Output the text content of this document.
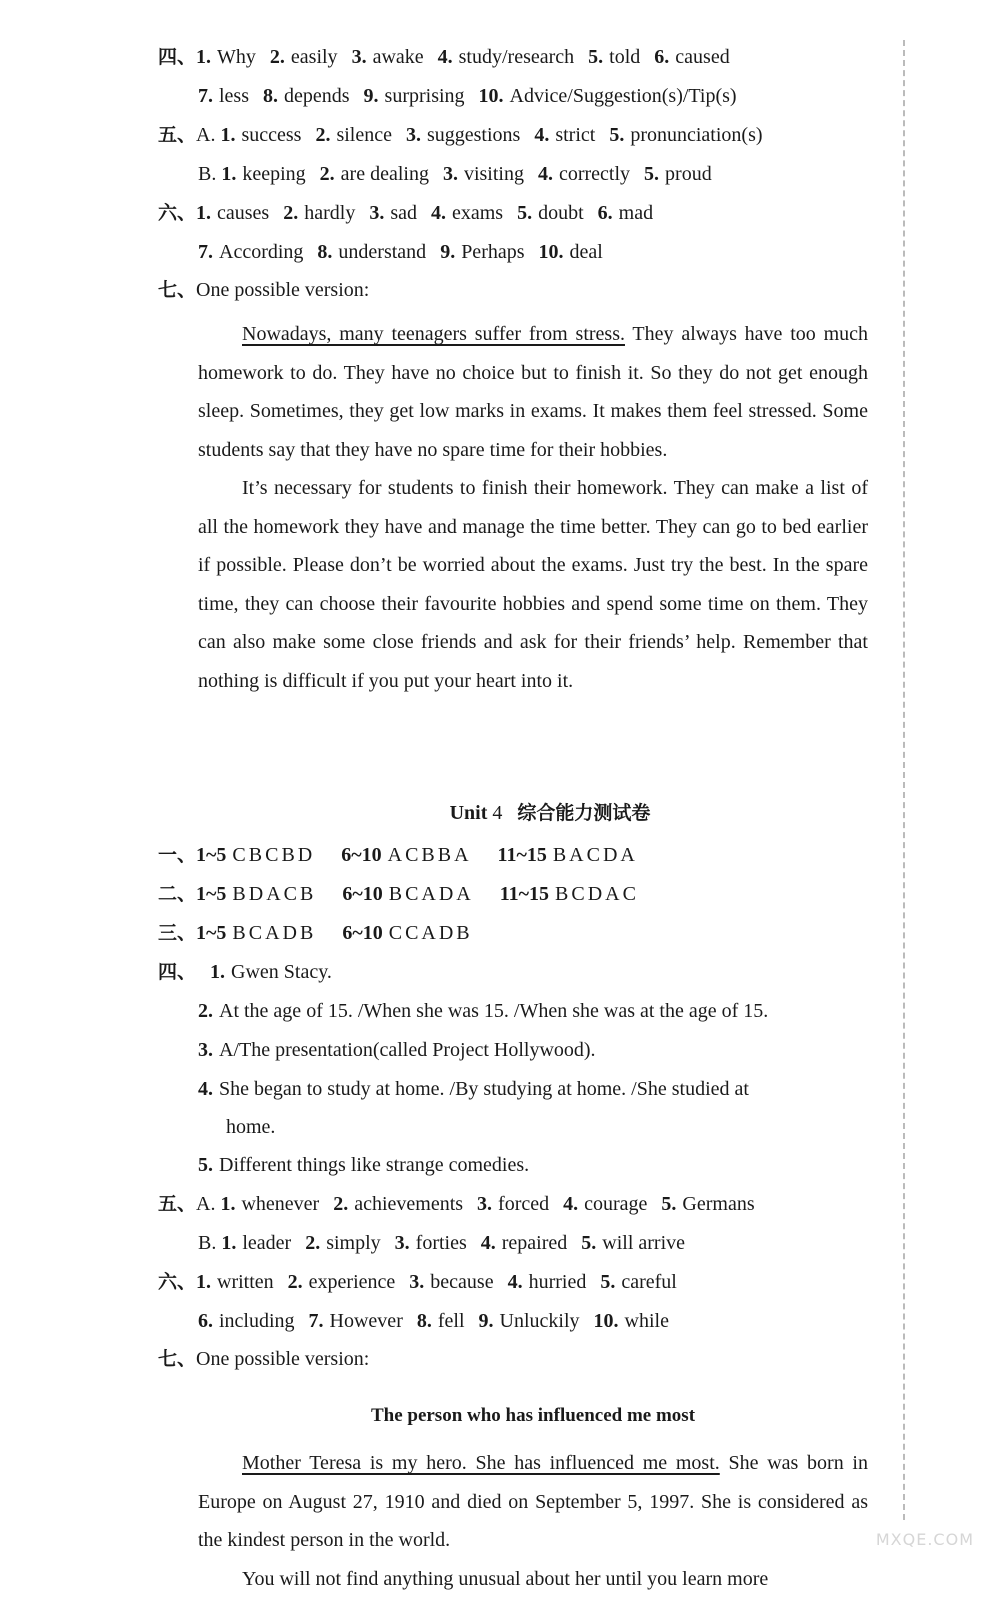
四、1. Why 2. easily 3. awake 4. study/research 5. told 6. caused
7. less 8. depends 9. surprising 10. Advice/Suggestion(s)/Tip(s)
五、A. 1. success 2. silence 3. suggestions 4. strict 5. pronunciation(s)
B. 1. keeping 2. are dealing 3. visiting 4. correctly 5. proud
六、1. causes 2. hardly 3. sad 4. exams 5. doubt 6. mad
7. According 8. understand 9. Perhaps 10. deal
七、One possible version:

Nowadays, many teenagers suffer from stress. They always have too much homework to do. They have no choice but to finish it. So they do not get enough sleep. Sometimes, they get low marks in exams. It makes them feel stressed. Some students say that they have no spare time for their hobbies.

It’s necessary for students to finish their homework. They can make a list of all the homework they have and manage the time better. They can go to bed earlier if possible. Please don’t be worried about the exams. Just try the best. In the spare time, they can choose their favourite hobbies and spend some time on them. They can also make some close friends and ask for their friends’ help. Remember that nothing is difficult if you put your heart into it.

Unit 4 综合能力测试卷
一、1~5 CBCBD 6~10 ACBBA 11~15 BACDA
二、1~5 BDACB 6~10 BCADA 11~15 BCDAC
三、1~5 BCADB 6~10 CCADB
四、 1. Gwen Stacy.
2. At the age of 15. /When she was 15. /When she was at the age of 15.
3. A/The presentation(called Project Hollywood).
4. She began to study at home. /By studying at home. /She studied at
home.
5. Different things like strange comedies.
五、A. 1. whenever 2. achievements 3. forced 4. courage 5. Germans
B. 1. leader 2. simply 3. forties 4. repaired 5. will arrive
六、1. written 2. experience 3. because 4. hurried 5. careful
6. including 7. However 8. fell 9. Unluckily 10. while
七、One possible version:
The person who has influenced me most

Mother Teresa is my hero. She has influenced me most. She was born in Europe on August 27, 1910 and died on September 5, 1997. She is considered as the kindest person in the world.

You will not find anything unusual about her until you learn more

MXQE.COM
